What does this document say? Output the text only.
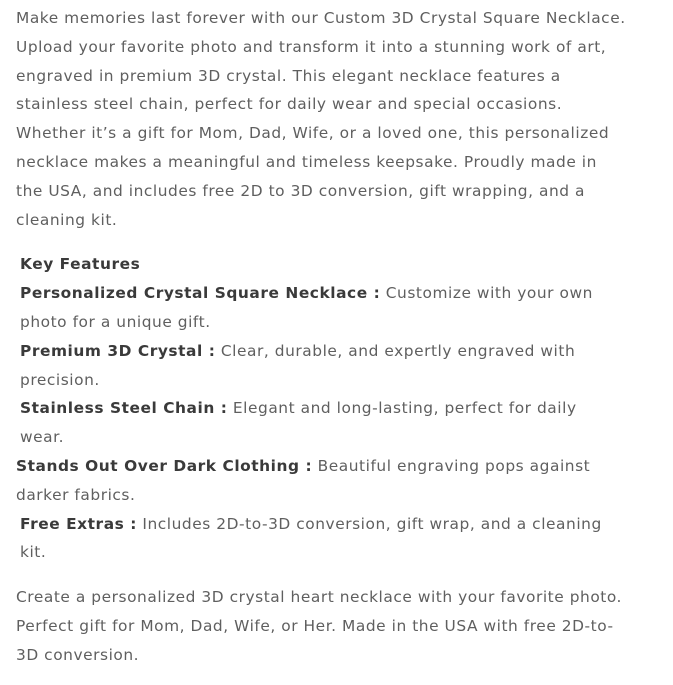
Make memories last forever with our Custom 3D Crystal Square Necklace. Upload your favorite photo and transform it into a stunning work of art, engraved in premium 3D crystal. This elegant necklace features a stainless steel chain, perfect for daily wear and special occasions. Whether it’s a gift for Mom, Dad, Wife, or a loved one, this personalized necklace makes a meaningful and timeless keepsake. Proudly made in the USA, and includes free 2D to 3D conversion, gift wrapping, and a cleaning kit.

Key Features
Personalized Crystal Square Necklace : Customize with your own photo for a unique gift.
Premium 3D Crystal : Clear, durable, and expertly engraved with precision.
Stainless Steel Chain : Elegant and long-lasting, perfect for daily wear.
Stands Out Over Dark Clothing : Beautiful engraving pops against darker fabrics.
Free Extras : Includes 2D-to-3D conversion, gift wrap, and a cleaning kit.

Create a personalized 3D crystal heart necklace with your favorite photo. Perfect gift for Mom, Dad, Wife, or Her. Made in the USA with free 2D-to-3D conversion.
